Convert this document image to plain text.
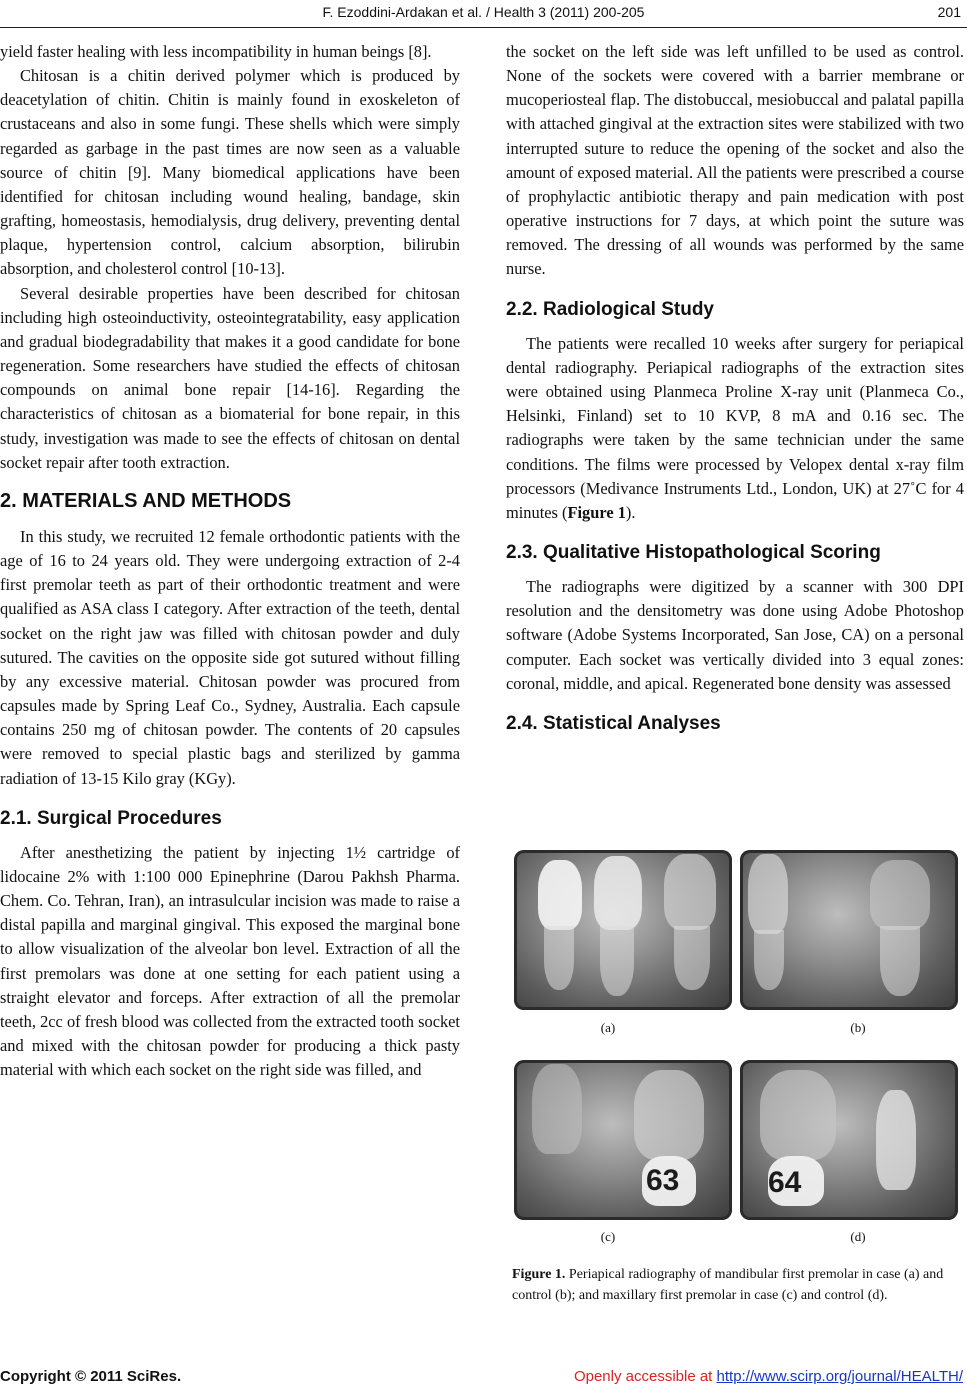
F. Ezoddini-Ardakan et al. / Health 3 (2011) 200-205	201

yield faster healing with less incompatibility in human beings [8].

Chitosan is a chitin derived polymer which is produced by deacetylation of chitin. Chitin is mainly found in exoskeleton of crustaceans and also in some fungi. These shells which were simply regarded as garbage in the past times are now seen as a valuable source of chitin [9]. Many biomedical applications have been identified for chitosan including wound healing, bandage, skin grafting, homeostasis, hemodialysis, drug delivery, preventing dental plaque, hypertension control, calcium absorption, bilirubin absorption, and cholesterol control [10-13].

Several desirable properties have been described for chitosan including high osteoinductivity, osteointegratability, easy application and gradual biodegradability that makes it a good candidate for bone regeneration. Some researchers have studied the effects of chitosan compounds on animal bone repair [14-16]. Regarding the characteristics of chitosan as a biomaterial for bone repair, in this study, investigation was made to see the effects of chitosan on dental socket repair after tooth extraction.

2. MATERIALS AND METHODS

In this study, we recruited 12 female orthodontic patients with the age of 16 to 24 years old. They were undergoing extraction of 2-4 first premolar teeth as part of their orthodontic treatment and were qualified as ASA class I category. After extraction of the teeth, dental socket on the right jaw was filled with chitosan powder and duly sutured. The cavities on the opposite side got sutured without filling by any excessive material. Chitosan powder was procured from capsules made by Spring Leaf Co., Sydney, Australia. Each capsule contains 250 mg of chitosan powder. The contents of 20 capsules were removed to special plastic bags and sterilized by gamma radiation of 13-15 Kilo gray (KGy).

2.1. Surgical Procedures

After anesthetizing the patient by injecting 1½ cartridge of lidocaine 2% with 1:100 000 Epinephrine (Darou Pakhsh Pharma. Chem. Co. Tehran, Iran), an intrasulcular incision was made to raise a distal papilla and marginal gingival. This exposed the marginal bone to allow visualization of the alveolar bon level. Extraction of all the first premolars was done at one setting for each patient using a straight elevator and forceps. After extraction of all the premolar teeth, 2cc of fresh blood was collected from the extracted tooth socket and mixed with the chitosan powder for producing a thick pasty material with which each socket on the right side was filled, and

the socket on the left side was left unfilled to be used as control. None of the sockets were covered with a barrier membrane or mucoperiosteal flap. The distobuccal, mesiobuccal and palatal papilla with attached gingival at the extraction sites were stabilized with two interrupted suture to reduce the opening of the socket and also the amount of exposed material. All the patients were prescribed a course of prophylactic antibiotic therapy and pain medication with post operative instructions for 7 days, at which point the suture was removed. The dressing of all wounds was performed by the same nurse.

2.2. Radiological Study

The patients were recalled 10 weeks after surgery for periapical dental radiography. Periapical radiographs of the extraction sites were obtained using Planmeca Proline X-ray unit (Planmeca Co., Helsinki, Finland) set to 10 KVP, 8 mA and 0.16 sec. The radiographs were taken by the same technician under the same conditions. The films were processed by Velopex dental x-ray film processors (Medivance Instruments Ltd., London, UK) at 27˚C for 4 minutes (Figure 1).

2.3. Qualitative Histopathological Scoring

The radiographs were digitized by a scanner with 300 DPI resolution and the densitometry was done using Adobe Photoshop software (Adobe Systems Incorporated, San Jose, CA) on a personal computer. Each socket was vertically divided into 3 equal zones: coronal, middle, and apical. Regenerated bone density was assessed

2.4. Statistical Analyses
63	64
(a)	(b)
(c)	(d)
Figure 1. Periapical radiography of mandibular first premolar in case (a) and control (b); and maxillary first premolar in case (c) and control (d).
Copyright © 2011 SciRes.	Openly accessible at http://www.scirp.org/journal/HEALTH/
